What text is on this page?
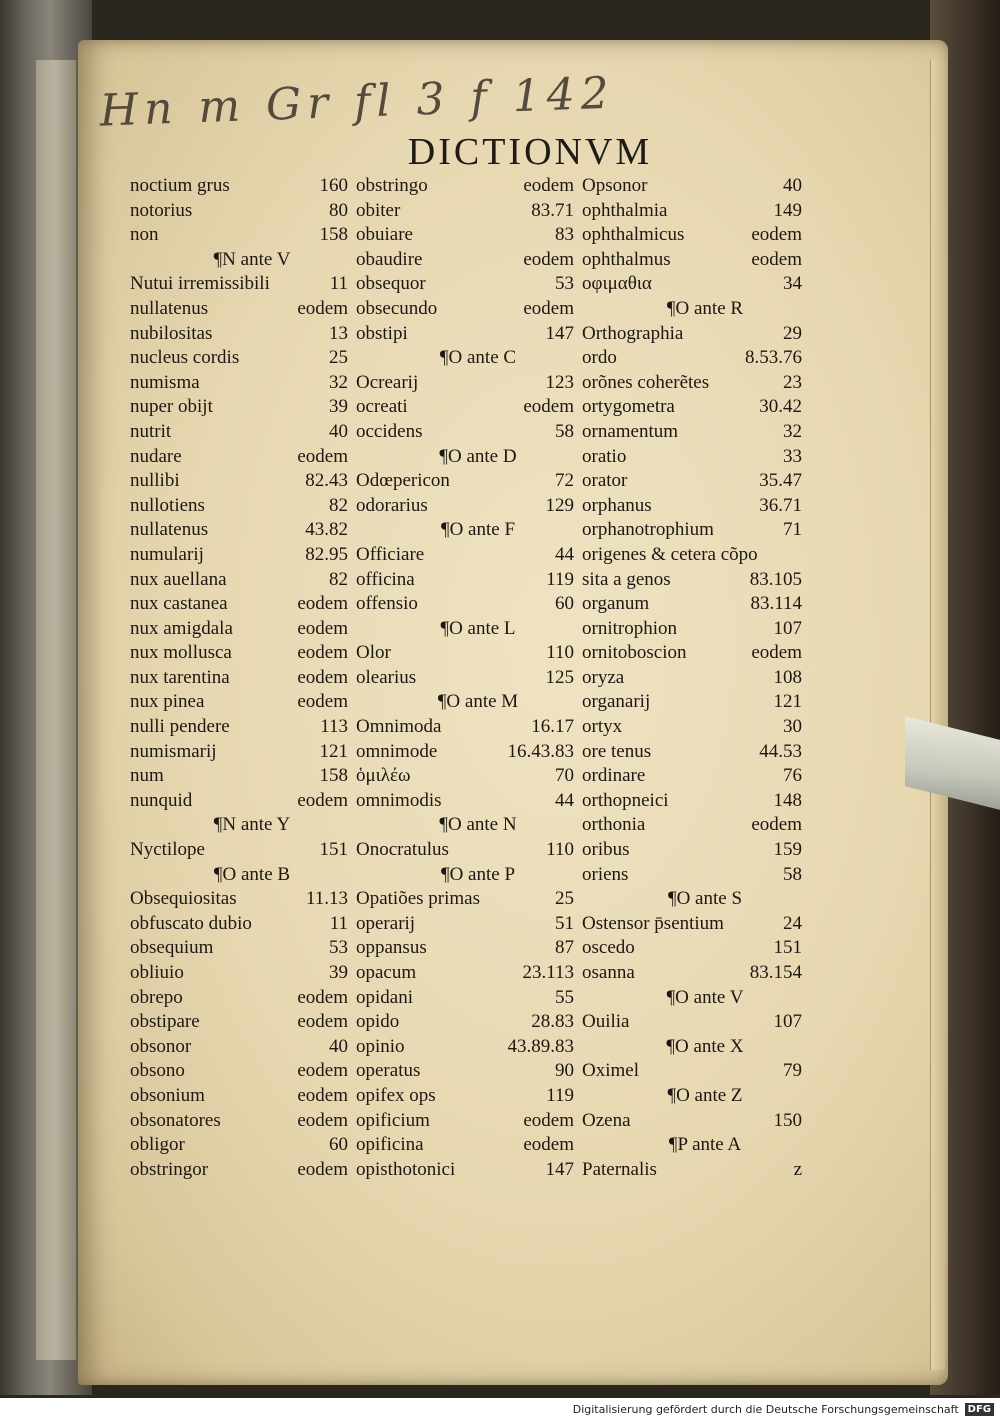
Hn m Gr fl 3 f 142
DICTIONVM
noctium grus	160
notorius	80
non	158
¶N ante V
Nutui irremissibili	11
nullatenus	eodem
nubilositas	13
nucleus cordis	25
numisma	32
nuper obijt	39
nutrit	40
nudare	eodem
nullibi	82.43
nullotiens	82
nullatenus	43.82
numularij	82.95
nux auellana	82
nux castanea	eodem
nux amigdala	eodem
nux mollusca	eodem
nux tarentina	eodem
nux pinea	eodem
nulli pendere	113
numismarij	121
num	158
nunquid	eodem
¶N ante Y
Nyctilope	151
¶O ante B
Obsequiositas	11.13
obfuscato dubio	11
obsequium	53
obliuio	39
obrepo	eodem
obstipare	eodem
obsonor	40
obsono	eodem
obsonium	eodem
obsonatores	eodem
obligor	60
obstringor	eodem
obstringo	eodem
obiter	83.71
obuiare	83
obaudire	eodem
obsequor	53
obsecundo	eodem
obstipi	147
¶O ante C
Ocrearij	123
ocreati	eodem
occidens	58
¶O ante D
Odœpericon	72
odorarius	129
¶O ante F
Officiare	44
officina	119
offensio	60
¶O ante L
Olor	110
olearius	125
¶O ante M
Omnimoda	16.17
omnimode	16.43.83
ὁμιλέω	70
omnimodis	44
¶O ante N
Onocratulus	110
¶O ante P
Opatiões primas	25
operarij	51
oppansus	87
opacum	23.113
opidani	55
opido	28.83
opinio	43.89.83
operatus	90
opifex ops	119
opificium	eodem
opificina	eodem
opisthotonici	147
Opsonor	40
ophthalmia	149
ophthalmicus	eodem
ophthalmus	eodem
οφιμαθια	34
¶O ante R
Orthographia	29
ordo	8.53.76
orõnes coherẽtes	23
ortygometra	30.42
ornamentum	32
oratio	33
orator	35.47
orphanus	36.71
orphanotrophium	71
origenes & cetera cõpo
sita a genos	83.105
organum	83.114
ornitrophion	107
ornitoboscion	eodem
oryza	108
organarij	121
ortyx	30
ore tenus	44.53
ordinare	76
orthopneici	148
orthonia	eodem
oribus	159
oriens	58
¶O ante S
Ostensor p̄sentium	24
oscedo	151
osanna	83.154
¶O ante V
Ouilia	107
¶O ante X
Oximel	79
¶O ante Z
Ozena	150
¶P ante A
Paternalis	z
Digitalisierung gefördert durch die Deutsche Forschungsgemeinschaft DFG
